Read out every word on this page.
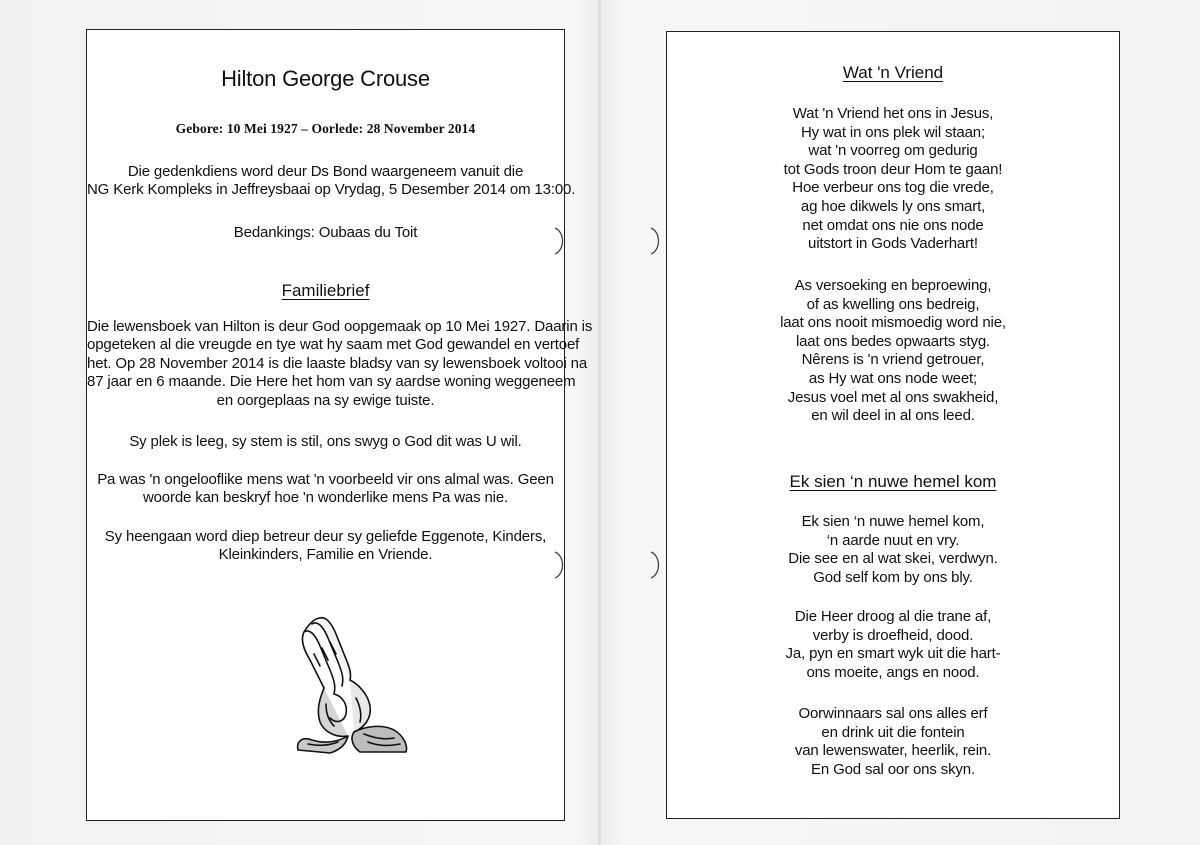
Hilton George Crouse
Gebore: 10 Mei 1927 – Oorlede: 28 November 2014
Die gedenkdiens word deur Ds Bond waargeneem vanuit die
NG Kerk Kompleks in Jeffreysbaai op Vrydag, 5 Desember 2014 om 13:00.
Bedankings: Oubaas du Toit
Familiebrief
Die lewensboek van Hilton is deur God oopgemaak op 10 Mei 1927. Daarin is
opgeteken al die vreugde en tye wat hy saam met God gewandel en vertoef
het. Op 28 November 2014 is die laaste bladsy van sy lewensboek voltooi na
87 jaar en 6 maande. Die Here het hom van sy aardse woning weggeneem
en oorgeplaas na sy ewige tuiste.
Sy plek is leeg, sy stem is stil, ons swyg o God dit was U wil.
Pa was 'n ongelooflike mens wat 'n voorbeeld vir ons almal was. Geen
woorde kan beskryf hoe 'n wonderlike mens Pa was nie.
Sy heengaan word diep betreur deur sy geliefde Eggenote, Kinders,
Kleinkinders, Familie en Vriende.
Wat 'n Vriend
Wat 'n Vriend het ons in Jesus,
Hy wat in ons plek wil staan;
wat 'n voorreg om gedurig
tot Gods troon deur Hom te gaan!
Hoe verbeur ons tog die vrede,
ag hoe dikwels ly ons smart,
net omdat ons nie ons node
uitstort in Gods Vaderhart!
As versoeking en beproewing,
of as kwelling ons bedreig,
laat ons nooit mismoedig word nie,
laat ons bedes opwaarts styg.
Nêrens is 'n vriend getrouer,
as Hy wat ons node weet;
Jesus voel met al ons swakheid,
en wil deel in al ons leed.
Ek sien ‘n nuwe hemel kom
Ek sien ‘n nuwe hemel kom,
‘n aarde nuut en vry.
Die see en al wat skei, verdwyn.
God self kom by ons bly.
Die Heer droog al die trane af,
verby is droefheid, dood.
Ja, pyn en smart wyk uit die hart-
ons moeite, angs en nood.
Oorwinnaars sal ons alles erf
en drink uit die fontein
van lewenswater, heerlik, rein.
En God sal oor ons skyn.
